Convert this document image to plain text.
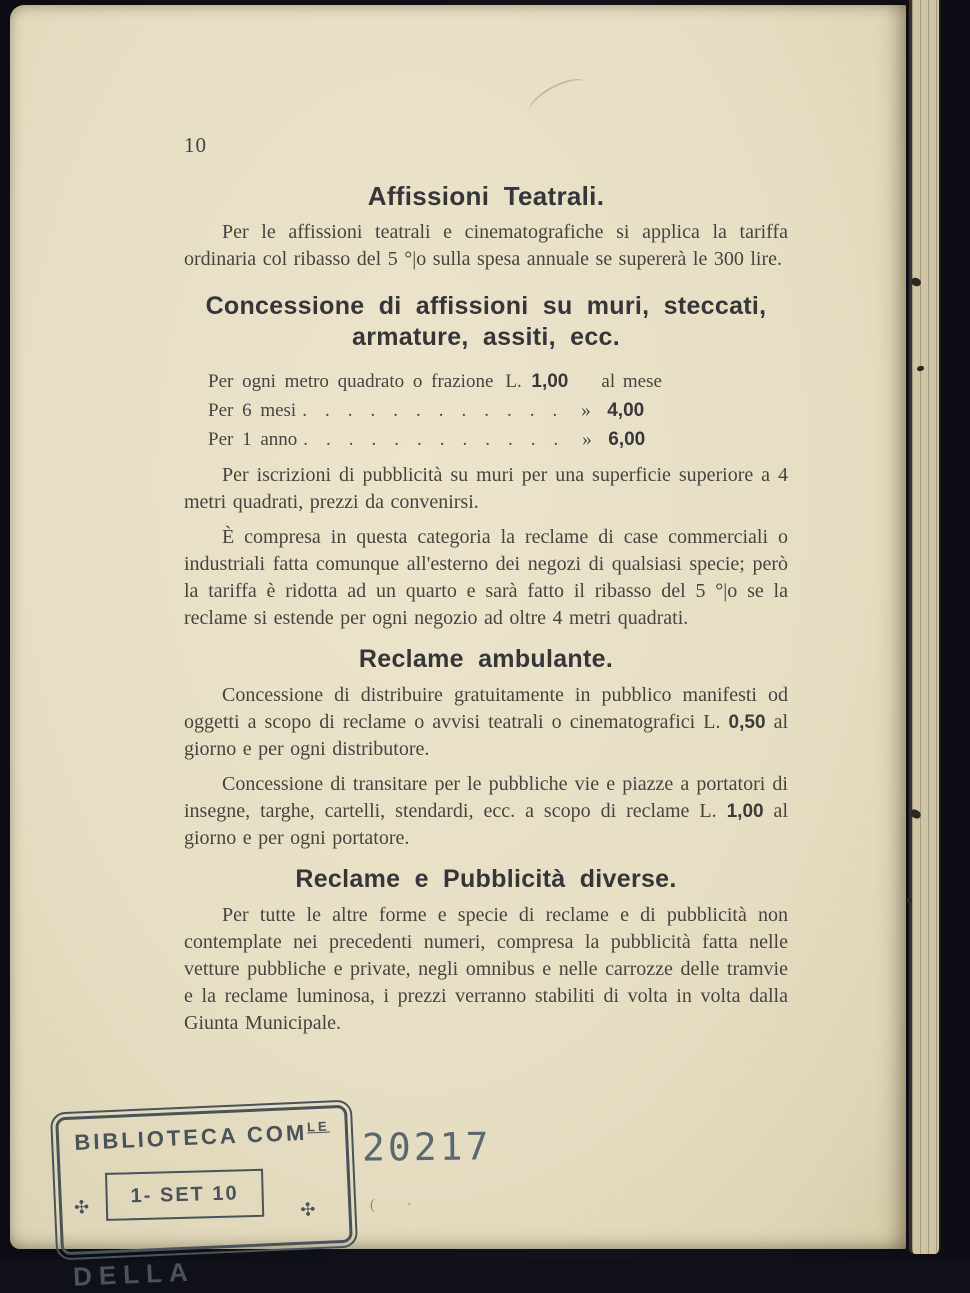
10
Affissioni Teatrali.

Per le affissioni teatrali e cinematografiche si applica la tariffa ordinaria col ribasso del 5 °|o sulla spesa annuale se supererà le 300 lire.

Concessione di affissioni su muri, steccati,
armature, assiti, ecc.
Per ogni metro quadrato o frazione L. 1,00	al mese
Per 6 mesi ............ » 4,00
Per 1 anno ............ » 6,00

Per iscrizioni di pubblicità su muri per una superficie superiore a 4 metri quadrati, prezzi da convenirsi.

È compresa in questa categoria la reclame di case commerciali o industriali fatta comunque all'esterno dei negozi di qualsiasi specie; però la tariffa è ridotta ad un quarto e sarà fatto il ribasso del 5 °|o se la reclame si estende per ogni negozio ad oltre 4 metri quadrati.

Reclame ambulante.

Concessione di distribuire gratuitamente in pubblico manifesti od oggetti a scopo di reclame o avvisi teatrali o cinematografici L. 0,50 al giorno e per ogni distributore.

Concessione di transitare per le pubbliche vie e piazze a portatori di insegne, targhe, cartelli, stendardi, ecc. a scopo di reclame L. 1,00 al giorno e per ogni portatore.

Reclame e Pubblicità diverse.

Per tutte le altre forme e specie di reclame e di pubblicità non contemplate nei precedenti numeri, compresa la pubblicità fatta nelle vetture pubbliche e private, negli omnibus e nelle carrozze delle tramvie e la reclame luminosa, i prezzi verranno stabiliti di volta in volta dalla Giunta Municipale.

BIBLIOTECA $COM^{LE}$
✣
1- SET 10
✣
DELLA
20217
( ·
